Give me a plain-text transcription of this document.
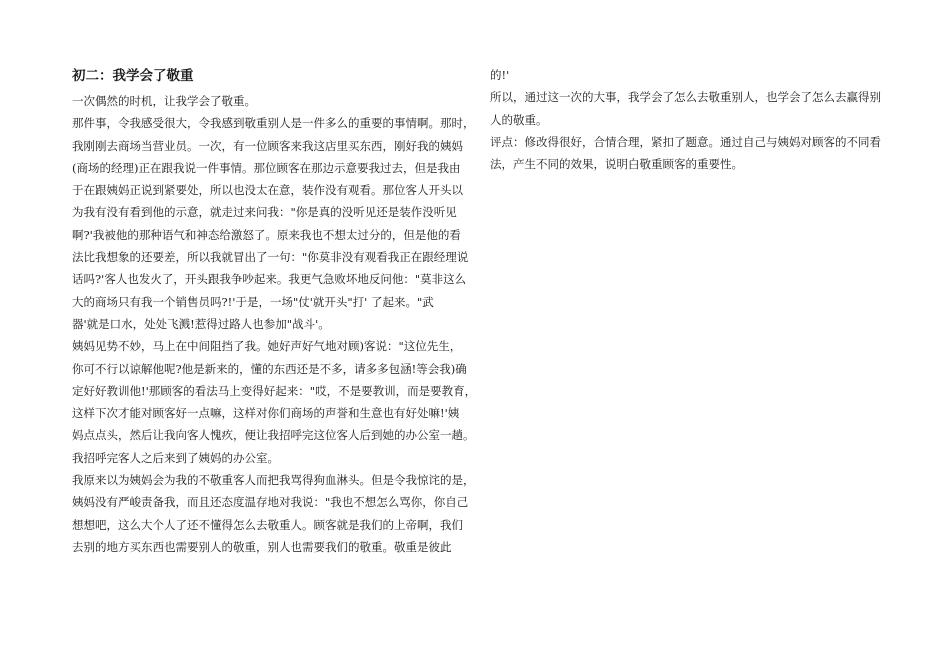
初二：我学会了敬重

一次偶然的时机，让我学会了敬重。

那件事，令我感受很大，令我感到敬重别人是一件多么的重要的事情啊。那时，

我刚刚去商场当营业员。一次，有一位顾客来我这店里买东西，刚好我的姨妈

(商场的经理)正在跟我说一件事情。那位顾客在那边示意要我过去，但是我由

于在跟姨妈正说到紧要处，所以也没太在意，装作没有观看。那位客人开头以

为我有没有看到他的示意，就走过来问我："你是真的没听见还是装作没听见

啊?'我被他的那种语气和神态给激怒了。原来我也不想太过分的，但是他的看

法比我想象的还要差，所以我就冒出了一句："你莫非没有观看我正在跟经理说

话吗?'客人也发火了，开头跟我争吵起来。我更气急败坏地反问他："莫非这么

大的商场只有我一个销售员吗?!'于是，一场"仗'就开头"打' 了起来。"武

器'就是口水，处处飞溅!惹得过路人也参加"战斗'。

姨妈见势不妙，马上在中间阻挡了我。她好声好气地对顾)客说："这位先生，

你可不行以谅解他呢?他是新来的，懂的东西还是不多，请多多包涵!等会我)确

定好好教训他!'那顾客的看法马上变得好起来："哎，不是要教训，而是要教育，

这样下次才能对顾客好一点嘛，这样对你们商场的声誉和生意也有好处嘛!'姨

妈点点头，然后让我向客人愧疚，便让我招呼完这位客人后到她的办公室一趟。

我招呼完客人之后来到了姨妈的办公室。

我原来以为姨妈会为我的不敬重客人而把我骂得狗血淋头。但是令我惊诧的是，

姨妈没有严峻责备我，而且还态度温存地对我说："我也不想怎么骂你，你自己

想想吧，这么大个人了还不懂得怎么去敬重人。顾客就是我们的上帝啊，我们

去别的地方买东西也需要别人的敬重，别人也需要我们的敬重。敬重是彼此

的!'

所以，通过这一次的大事，我学会了怎么去敬重别人，也学会了怎么去赢得别

人的敬重。

评点：修改得很好，合情合理，紧扣了题意。通过自己与姨妈对顾客的不同看

法，产生不同的效果，说明白敬重顾客的重要性。
